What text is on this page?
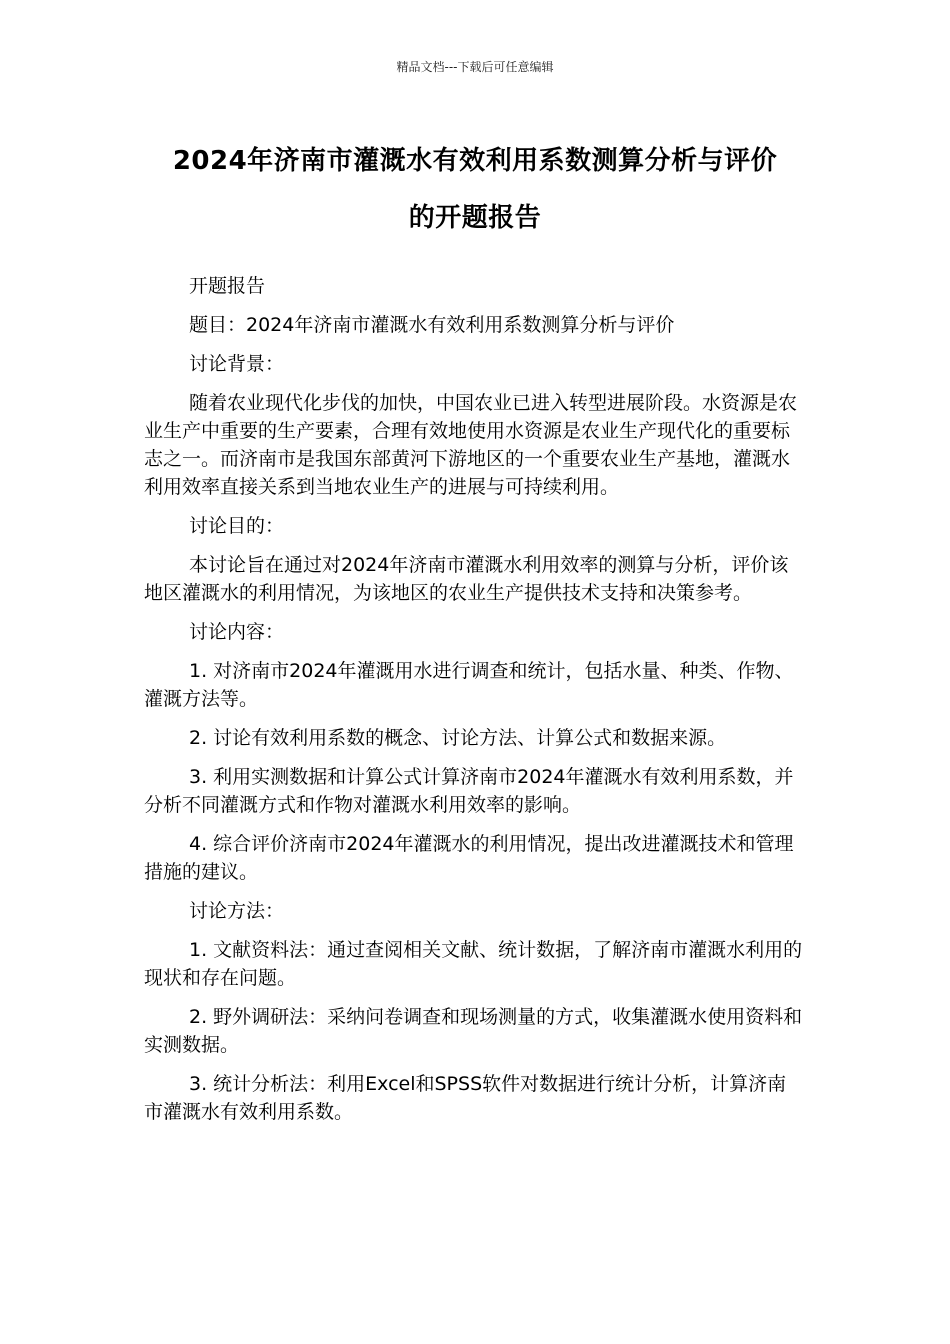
精品文档---下载后可任意编辑
2024年济南市灌溉水有效利用系数测算分析与评价
的开题报告

开题报告

题目：2024年济南市灌溉水有效利用系数测算分析与评价

讨论背景：

随着农业现代化步伐的加快，中国农业已进入转型进展阶段。水资源是农业生产中重要的生产要素，合理有效地使用水资源是农业生产现代化的重要标志之一。而济南市是我国东部黄河下游地区的一个重要农业生产基地，灌溉水利用效率直接关系到当地农业生产的进展与可持续利用。

讨论目的：

本讨论旨在通过对2024年济南市灌溉水利用效率的测算与分析，评价该地区灌溉水的利用情况，为该地区的农业生产提供技术支持和决策参考。

讨论内容：

1. 对济南市2024年灌溉用水进行调查和统计，包括水量、种类、作物、灌溉方法等。

2. 讨论有效利用系数的概念、讨论方法、计算公式和数据来源。

3. 利用实测数据和计算公式计算济南市2024年灌溉水有效利用系数，并分析不同灌溉方式和作物对灌溉水利用效率的影响。

4. 综合评价济南市2024年灌溉水的利用情况，提出改进灌溉技术和管理措施的建议。

讨论方法：

1. 文献资料法：通过查阅相关文献、统计数据，了解济南市灌溉水利用的现状和存在问题。

2. 野外调研法：采纳问卷调查和现场测量的方式，收集灌溉水使用资料和实测数据。

3. 统计分析法：利用Excel和SPSS软件对数据进行统计分析，计算济南市灌溉水有效利用系数。
